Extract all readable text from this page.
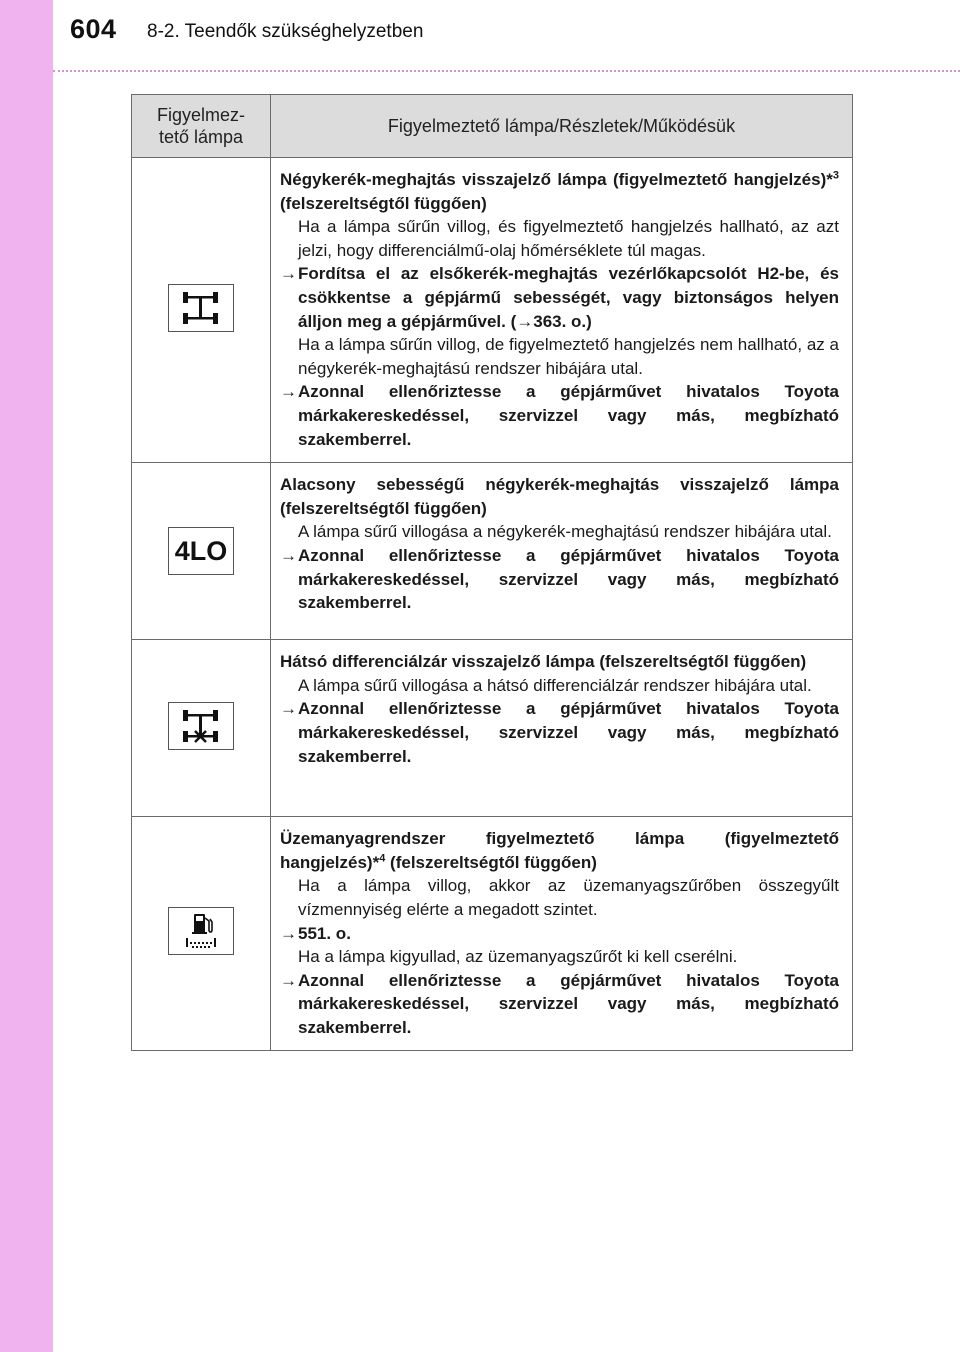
604 8-2. Teendők szükséghelyzetben
Figyelmez-
tető lámpa	Figyelmeztető lámpa/Részletek/Működésük

Négykerék-meghajtás visszajelző lámpa (figyelmeztető hangjelzés)*$^3$ (felszereltségtől függően)

Ha a lámpa sűrűn villog, és figyelmeztető hangjelzés hallható, az azt jelzi, hogy differenciálmű-olaj hőmérséklete túl magas.

→Fordítsa el az elsőkerék-meghajtás vezérlőkapcsolót H2-be, és csökkentse a gépjármű sebességét, vagy biztonságos helyen álljon meg a gépjárművel. (→363. o.)

Ha a lámpa sűrűn villog, de figyelmeztető hangjelzés nem hallható, az a négykerék-meghajtású rendszer hibájára utal.

→Azonnal ellenőriztesse a gépjárművet hivatalos Toyota márkakereskedéssel, szervizzel vagy más, megbízható szakemberrel.

4LO	Alacsony sebességű négykerék-meghajtás visszajelző lámpa (felszereltségtől függően)

A lámpa sűrű villogása a négykerék-meghajtású rendszer hibájára utal.

→Azonnal ellenőriztesse a gépjárművet hivatalos Toyota márkakereskedéssel, szervizzel vagy más, megbízható szakemberrel.

Hátsó differenciálzár visszajelző lámpa (felszereltségtől függően)

A lámpa sűrű villogása a hátsó differenciálzár rendszer hibájára utal.

→Azonnal ellenőriztesse a gépjárművet hivatalos Toyota márkakereskedéssel, szervizzel vagy más, megbízható szakemberrel.

Üzemanyagrendszer figyelmeztető lámpa (figyelmeztető hangjelzés)*$^4$ (felszereltségtől függően)

Ha a lámpa villog, akkor az üzemanyagszűrőben összegyűlt vízmennyiség elérte a megadott szintet.

→551. o.

Ha a lámpa kigyullad, az üzemanyagszűrőt ki kell cserélni.

→Azonnal ellenőriztesse a gépjárművet hivatalos Toyota márkakereskedéssel, szervizzel vagy más, megbízható szakemberrel.
